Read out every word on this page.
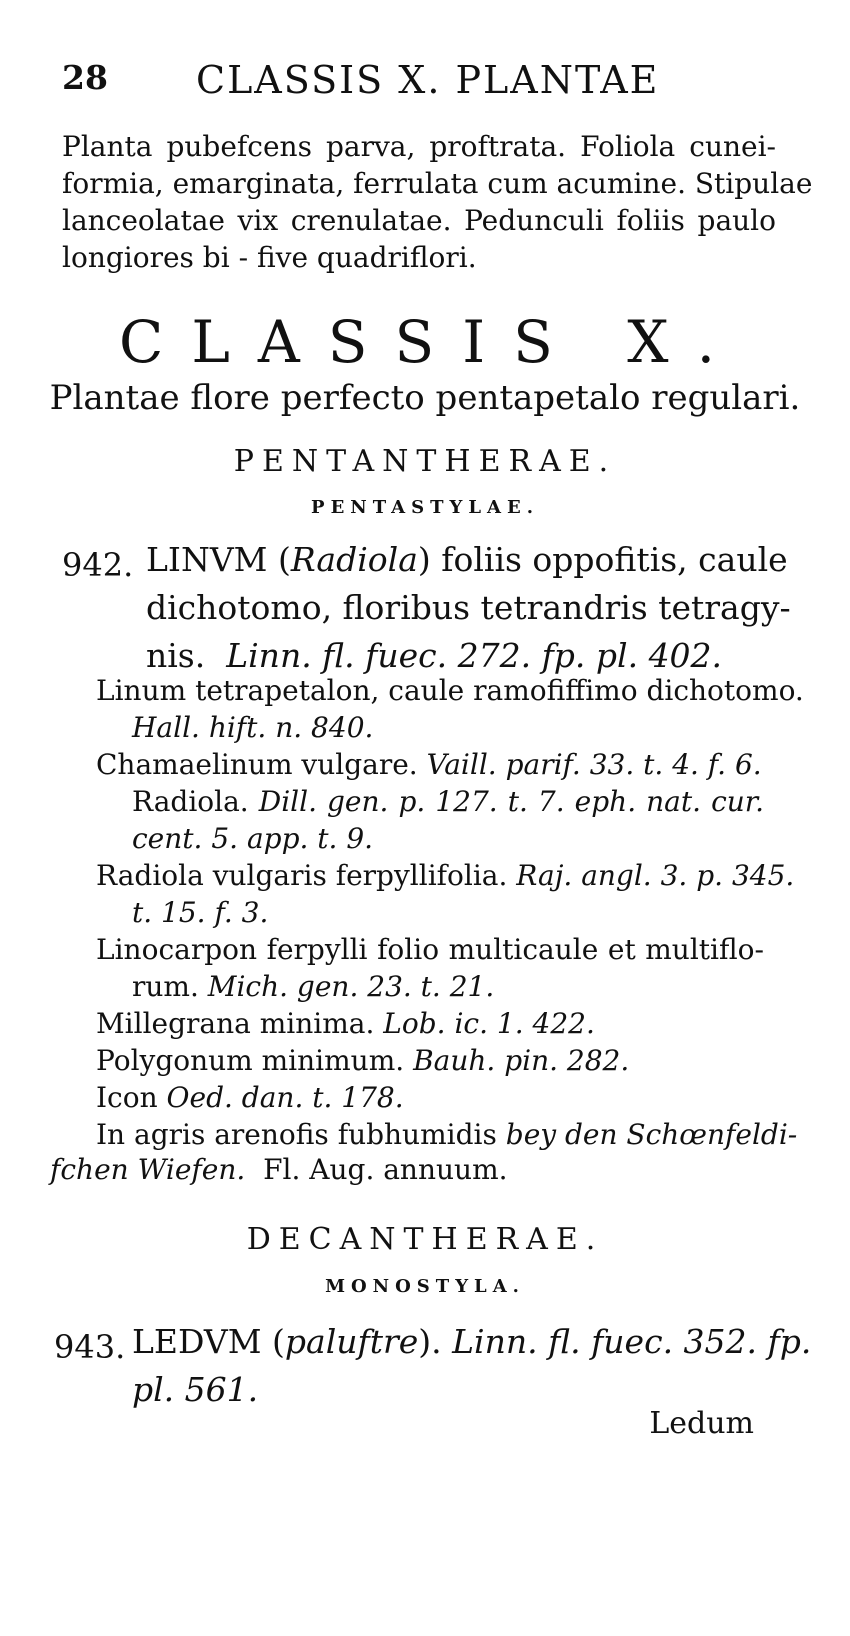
28 CLASSIS X. PLANTAE
Planta pubefcens parva, proftrata. Foliola cunei-
formia, emarginata, ferrulata cum acumine. Stipulae
lanceolatae vix crenulatae. Pedunculi foliis paulo
longiores bi - five quadriflori.
CLASSIS X.
Plantae flore perfecto pentapetalo regulari.
PENTANTHERAE.
PENTASTYLAE.
942. LINVM (Radiola) foliis oppofitis, caule
dichotomo, floribus tetrandris tetragy-
nis. Linn. fl. fuec. 272. fp. pl. 402.
Linum tetrapetalon, caule ramofiffimo dichotomo.
Hall. hift. n. 840.
Chamaelinum vulgare. Vaill. parif. 33. t. 4. f. 6.
Radiola. Dill. gen. p. 127. t. 7. eph. nat. cur.
cent. 5. app. t. 9.
Radiola vulgaris ferpyllifolia. Raj. angl. 3. p. 345.
t. 15. f. 3.
Linocarpon ferpylli folio multicaule et multiflo-
rum. Mich. gen. 23. t. 21.
Millegrana minima. Lob. ic. 1. 422.
Polygonum minimum. Bauh. pin. 282.
Icon Oed. dan. t. 178.
In agris arenofis fubhumidis bey den Schœnfeldi-
fchen Wiefen. Fl. Aug. annuum.
DECANTHERAE.
MONOSTYLA.
943. LEDVM (paluftre). Linn. fl. fuec. 352. fp.
pl. 561.
Ledum
